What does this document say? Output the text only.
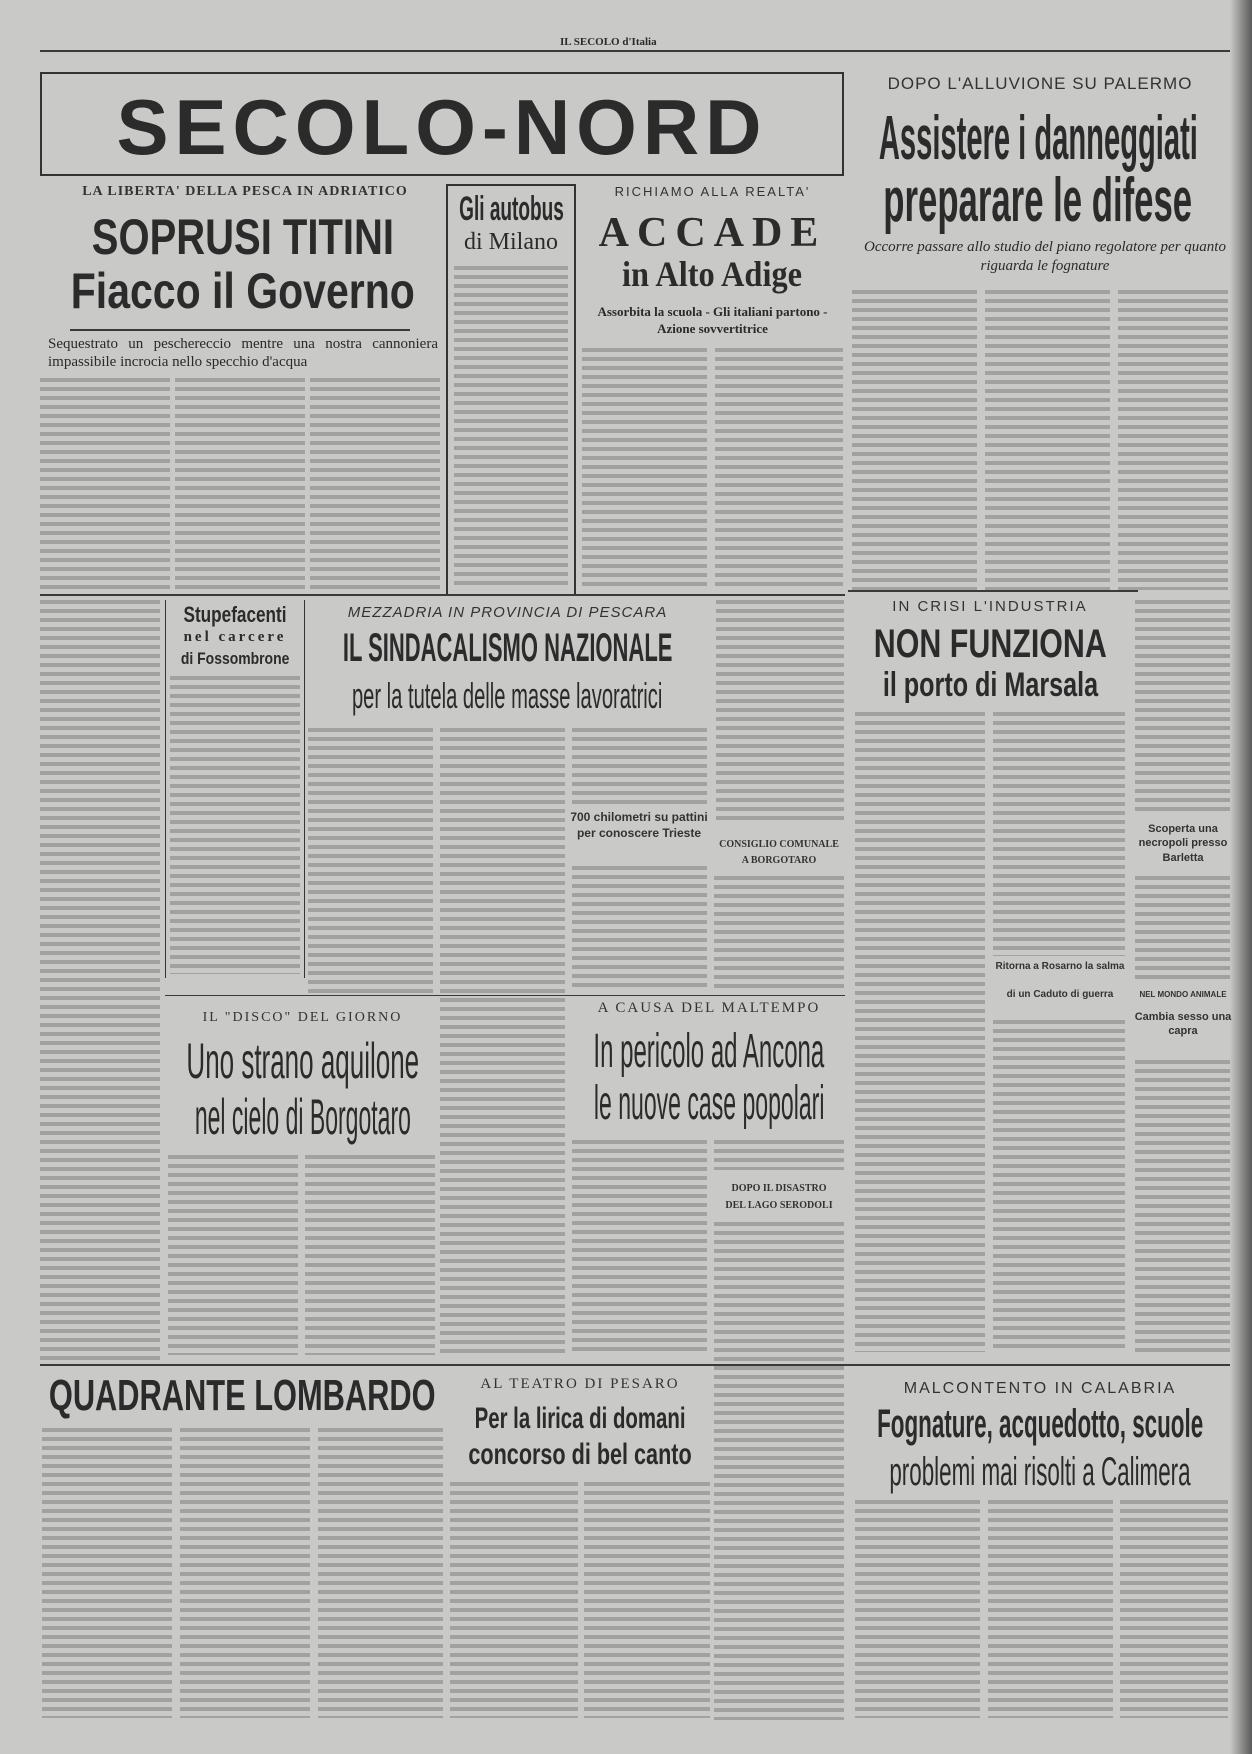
IL SECOLO d'Italia
SECOLO-NORD
LA LIBERTA' DELLA PESCA IN ADRIATICO
SOPRUSI TITINI
Fiacco il Governo
Sequestrato un peschereccio mentre una nostra cannoniera impassibile incrocia nello specchio d'acqua
Gli autobus
di Milano
RICHIAMO ALLA REALTA'
ACCADE
in Alto Adige
Assorbita la scuola - Gli italiani partono - Azione sovvertitrice
DOPO L'ALLUVIONE SU PALERMO
Assistere i danneggiati
preparare le difese
Occorre passare allo studio del piano regolatore per quanto riguarda le fognature
Stupefacenti
nel carcere
di Fossombrone
MEZZADRIA IN PROVINCIA DI PESCARA
IL SINDACALISMO NAZIONALE
per la tutela delle masse lavoratrici
700 chilometri su pattini per conoscere Trieste
CONSIGLIO COMUNALE
A BORGOTARO
IN CRISI L'INDUSTRIA
NON FUNZIONA
il porto di Marsala
Ritorna a Rosarno la salma
di un Caduto di guerra
Scoperta una necropoli presso Barletta
NEL MONDO ANIMALE
Cambia sesso una capra
IL "DISCO" DEL GIORNO
Uno strano aquilone
nel cielo di Borgotaro
A CAUSA DEL MALTEMPO
In pericolo ad Ancona
le nuove case popolari
DOPO IL DISASTRO
DEL LAGO SERODOLI
QUADRANTE LOMBARDO	AL TEATRO DI PESARO
Per la lirica di domani
concorso di bel canto
MALCONTENTO IN CALABRIA
Fognature, acquedotto, scuole
problemi mai risolti a Calimera
